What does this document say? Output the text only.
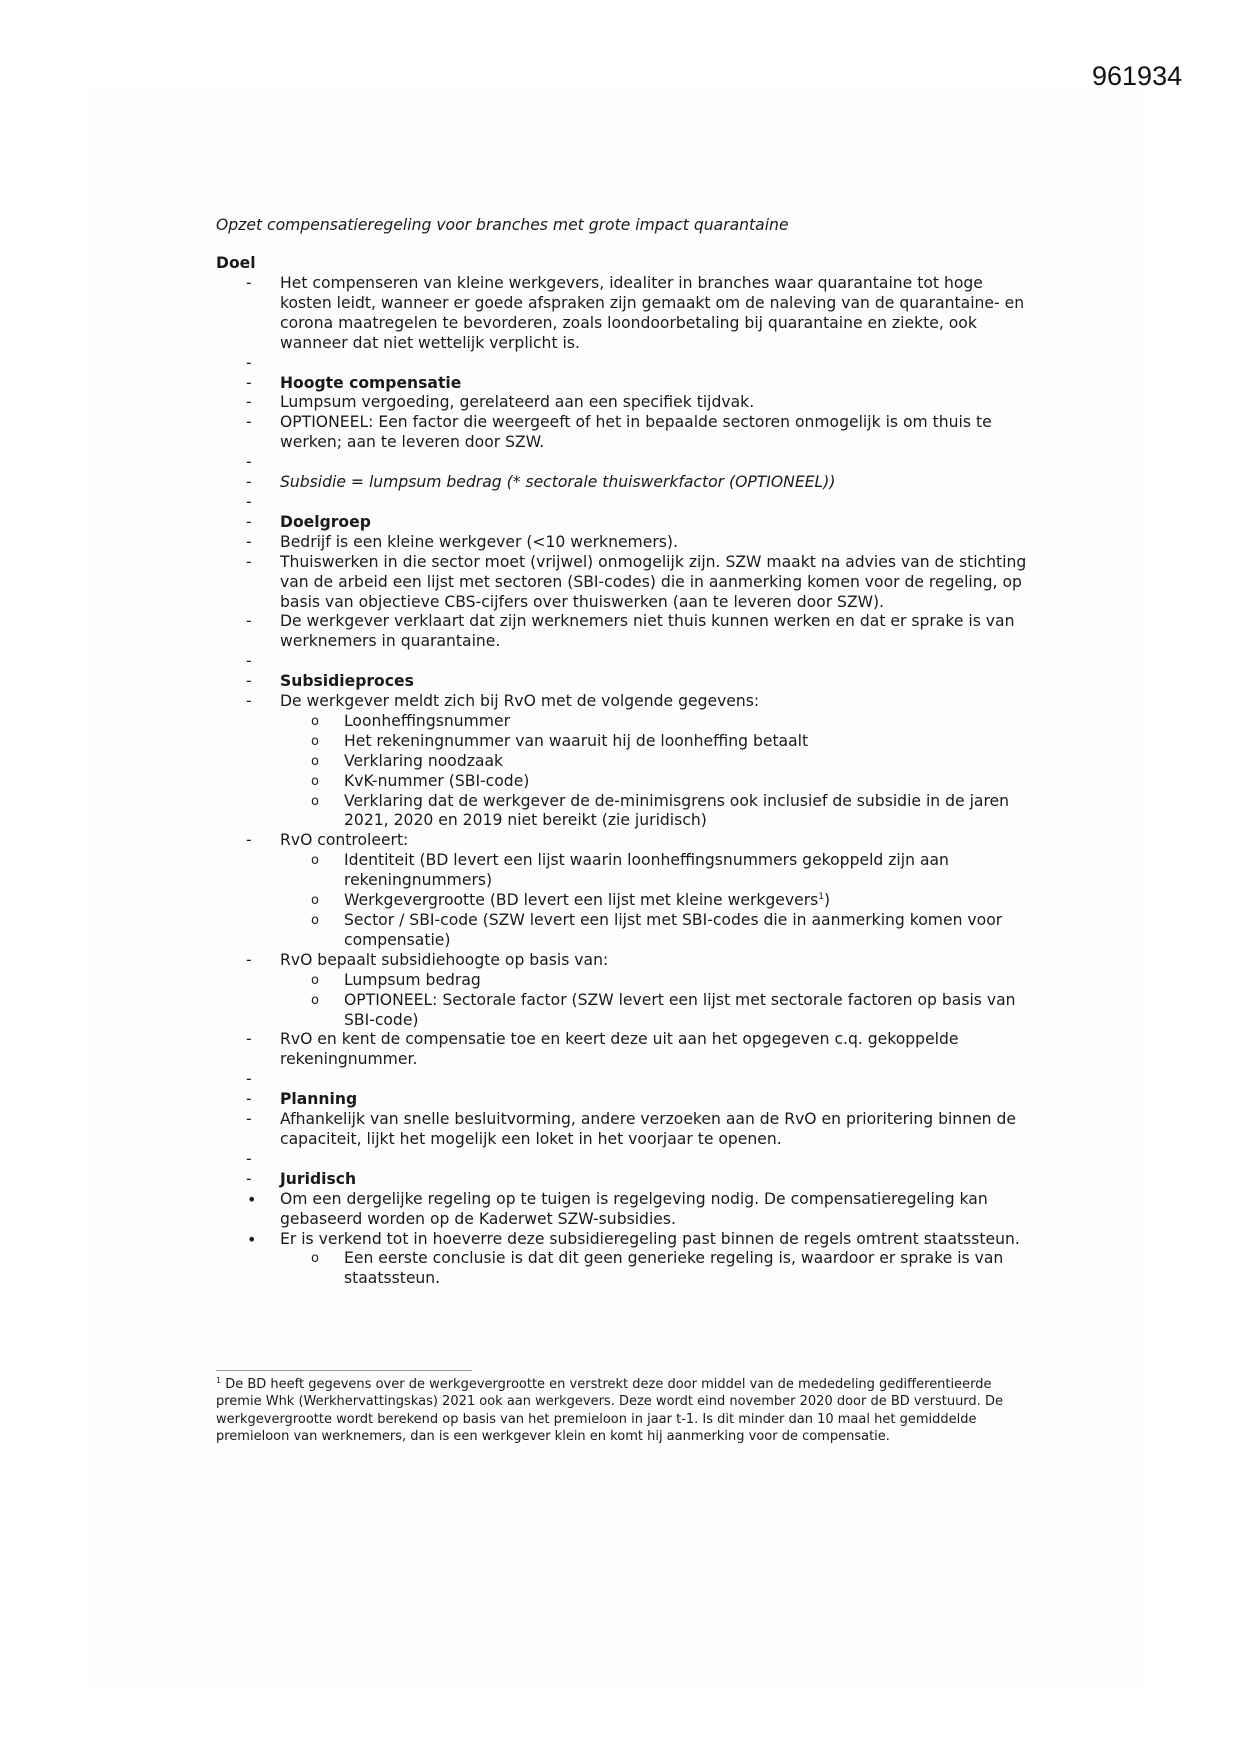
961934
Opzet compensatieregeling voor branches met grote impact quarantaine
Doel
- Het compenseren van kleine werkgevers, idealiter in branches waar quarantaine tot hoge kosten leidt, wanneer er goede afspraken zijn gemaakt om de naleving van de quarantaine- en corona maatregelen te bevorderen, zoals loondoorbetaling bij quarantaine en ziekte, ook wanneer dat niet wettelijk verplicht is.
-

- Hoogte compensatie
- Lumpsum vergoeding, gerelateerd aan een specifiek tijdvak.
- OPTIONEEL: Een factor die weergeeft of het in bepaalde sectoren onmogelijk is om thuis te werken; aan te leveren door SZW.
-

- Subsidie = lumpsum bedrag (* sectorale thuiswerkfactor (OPTIONEEL))
-

- Doelgroep
- Bedrijf is een kleine werkgever (<10 werknemers).
- Thuiswerken in die sector moet (vrijwel) onmogelijk zijn. SZW maakt na advies van de stichting van de arbeid een lijst met sectoren (SBI-codes) die in aanmerking komen voor de regeling, op basis van objectieve CBS-cijfers over thuiswerken (aan te leveren door SZW).
- De werkgever verklaart dat zijn werknemers niet thuis kunnen werken en dat er sprake is van werknemers in quarantaine.
-

- Subsidieproces
- De werkgever meldt zich bij RvO met de volgende gegevens:
o Loonheffingsnummer
o Het rekeningnummer van waaruit hij de loonheffing betaalt
o Verklaring noodzaak
o KvK-nummer (SBI-code)
o Verklaring dat de werkgever de de-minimisgrens ook inclusief de subsidie in de jaren 2021, 2020 en 2019 niet bereikt (zie juridisch)
- RvO controleert:
o Identiteit (BD levert een lijst waarin loonheffingsnummers gekoppeld zijn aan rekeningnummers)
o Werkgevergrootte (BD levert een lijst met kleine werkgevers$^1$)
o Sector / SBI-code (SZW levert een lijst met SBI-codes die in aanmerking komen voor compensatie)
- RvO bepaalt subsidiehoogte op basis van:
o Lumpsum bedrag
o OPTIONEEL: Sectorale factor (SZW levert een lijst met sectorale factoren op basis van SBI-code)
- RvO en kent de compensatie toe en keert deze uit aan het opgegeven c.q. gekoppelde rekeningnummer.
-

- Planning
- Afhankelijk van snelle besluitvorming, andere verzoeken aan de RvO en prioritering binnen de capaciteit, lijkt het mogelijk een loket in het voorjaar te openen.
-

- Juridisch
• Om een dergelijke regeling op te tuigen is regelgeving nodig. De compensatieregeling kan gebaseerd worden op de Kaderwet SZW-subsidies.
• Er is verkend tot in hoeverre deze subsidieregeling past binnen de regels omtrent staatssteun.
o Een eerste conclusie is dat dit geen generieke regeling is, waardoor er sprake is van staatssteun.
$^1$ De BD heeft gegevens over de werkgevergrootte en verstrekt deze door middel van de mededeling gedifferentieerde premie Whk (Werkhervattingskas) 2021 ook aan werkgevers. Deze wordt eind november 2020 door de BD verstuurd. De werkgevergrootte wordt berekend op basis van het premieloon in jaar t-1. Is dit minder dan 10 maal het gemiddelde premieloon van werknemers, dan is een werkgever klein en komt hij aanmerking voor de compensatie.
